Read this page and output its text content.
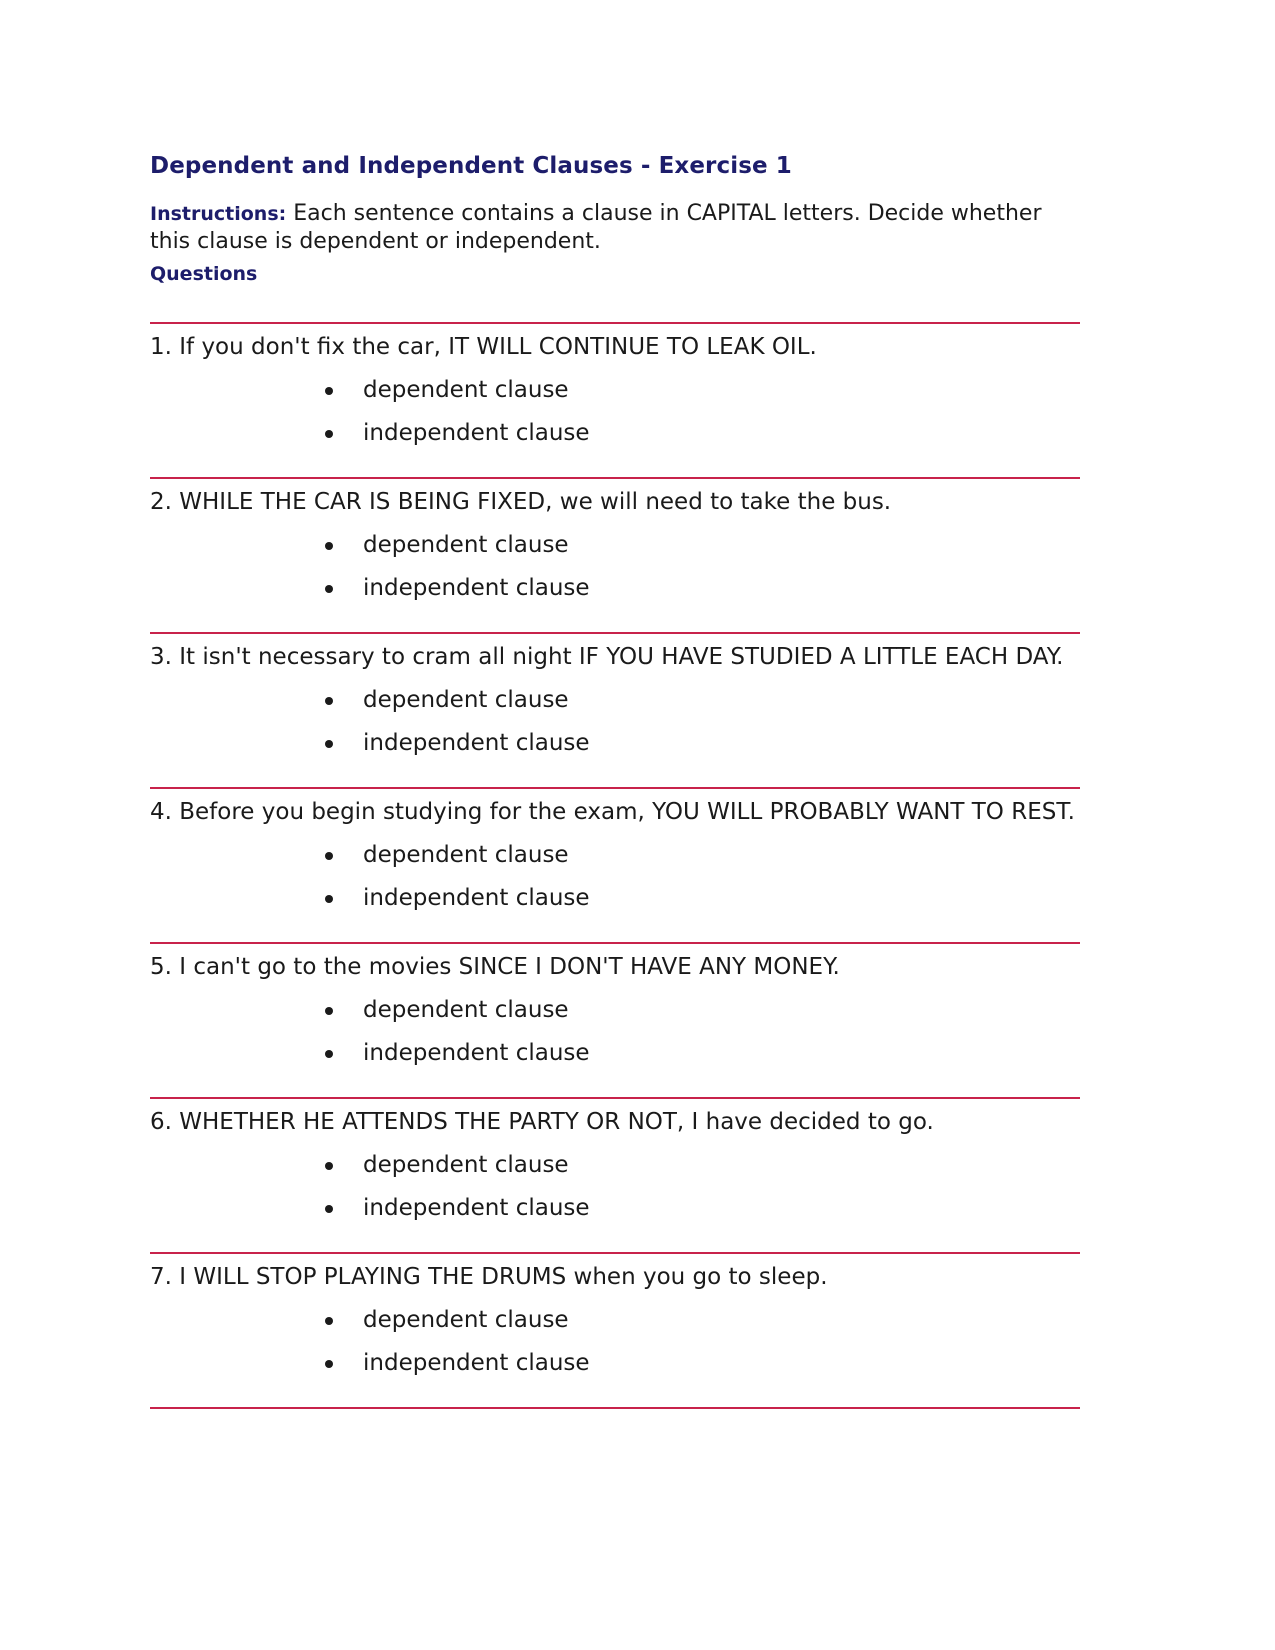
Dependent and Independent Clauses - Exercise 1
Instructions: Each sentence contains a clause in CAPITAL letters. Decide whether this clause is dependent or independent.
Questions

1. If you don't fix the car, IT WILL CONTINUE TO LEAK OIL.

dependent clause
independent clause

2. WHILE THE CAR IS BEING FIXED, we will need to take the bus.

dependent clause
independent clause

3. It isn't necessary to cram all night IF YOU HAVE STUDIED A LITTLE EACH DAY.

dependent clause
independent clause

4. Before you begin studying for the exam, YOU WILL PROBABLY WANT TO REST.

dependent clause
independent clause

5. I can't go to the movies SINCE I DON'T HAVE ANY MONEY.

dependent clause
independent clause

6. WHETHER HE ATTENDS THE PARTY OR NOT, I have decided to go.

dependent clause
independent clause

7. I WILL STOP PLAYING THE DRUMS when you go to sleep.

dependent clause
independent clause
